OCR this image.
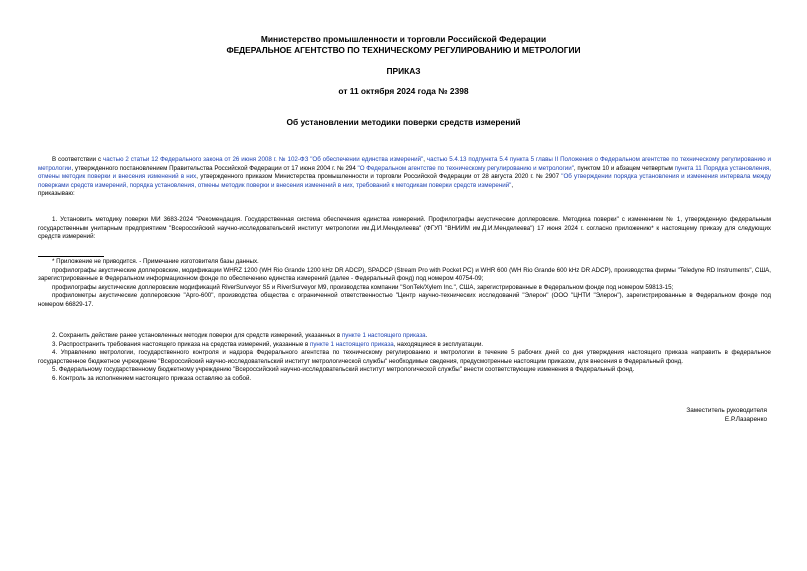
Министерство промышленности и торговли Российской Федерации
ФЕДЕРАЛЬНОЕ АГЕНТСТВО ПО ТЕХНИЧЕСКОМУ РЕГУЛИРОВАНИЮ И МЕТРОЛОГИИ
ПРИКАЗ
от 11 октября 2024 года № 2398
Об установлении методики поверки средств измерений

В соответствии с частью 2 статьи 12 Федерального закона от 26 июня 2008 г. № 102-ФЗ "Об обеспечении единства измерений", частью 5.4.13 подпункта 5.4 пункта 5 главы II Положения о Федеральном агентстве по техническому регулированию и метрологии, утвержденного постановлением Правительства Российской Федерации от 17 июня 2004 г. № 294 "О Федеральном агентстве по техническому регулированию и метрологии", пунктом 10 и абзацем четвертым пункта 11 Порядка установления, отмены методик поверки и внесения изменений в них, утвержденного приказом Министерства промышленности и торговли Российской Федерации от 28 августа 2020 г. № 2907 "Об утверждении порядка установления и изменения интервала между поверками средств измерений, порядка установления, отмены методик поверки и внесения изменений в них, требований к методикам поверки средств измерений",

приказываю:

1. Установить методику поверки МИ 3683-2024 "Рекомендация. Государственная система обеспечения единства измерений. Профилографы акустические доплеровские. Методика поверки" с изменением № 1, утвержденную федеральным государственным унитарным предприятием "Всероссийский научно-исследовательский институт метрологии им.Д.И.Менделеева" (ФГУП "ВНИИМ им.Д.И.Менделеева") 17 июня 2024 г. согласно приложению* к настоящему приказу для следующих средств измерений:

* Приложение не приводится. - Примечание изготовителя базы данных.

профилографы акустические доплеровские, модификации WHRZ 1200 (WH Rio Grande 1200 kHz DR ADCP), SPADCP (Stream Pro with Pocket PC) и WHR 600 (WH Rio Grande 600 kHz DR ADCP), производства фирмы "Teledyne RD Instruments", США, зарегистрированные в Федеральном информационном фонде по обеспечению единства измерений (далее - Федеральный фонд) под номером 40754-09;

профилографы акустические доплеровские модификаций RiverSurveyor S5 и RiverSurveyor M9, производства компании "SonTek/Xylem Inc.", США, зарегистрированные в Федеральном фонде под номером 59813-15;

профилометры акустические доплеровские "Арго-600", производства общества с ограниченной ответственностью "Центр научно-технических исследований "Элерон" (ООО "ЦНТИ "Элерон"), зарегистрированные в Федеральном фонде под номером 66829-17.

2. Сохранить действие ранее установленных методик поверки для средств измерений, указанных в пункте 1 настоящего приказа.

3. Распространить требования настоящего приказа на средства измерений, указанные в пункте 1 настоящего приказа, находящиеся в эксплуатации.

4. Управлению метрологии, государственного контроля и надзора Федерального агентства по техническому регулированию и метрологии в течение 5 рабочих дней со дня утверждения настоящего приказа направить в федеральное государственное бюджетное учреждение "Всероссийский научно-исследовательский институт метрологической службы" необходимые сведения, предусмотренные настоящим приказом, для внесения в Федеральный фонд.

5. Федеральному государственному бюджетному учреждению "Всероссийский научно-исследовательский институт метрологической службы" внести соответствующие изменения в Федеральный фонд.

6. Контроль за исполнением настоящего приказа оставляю за собой.

Заместитель руководителя
Е.Р.Лазаренко
